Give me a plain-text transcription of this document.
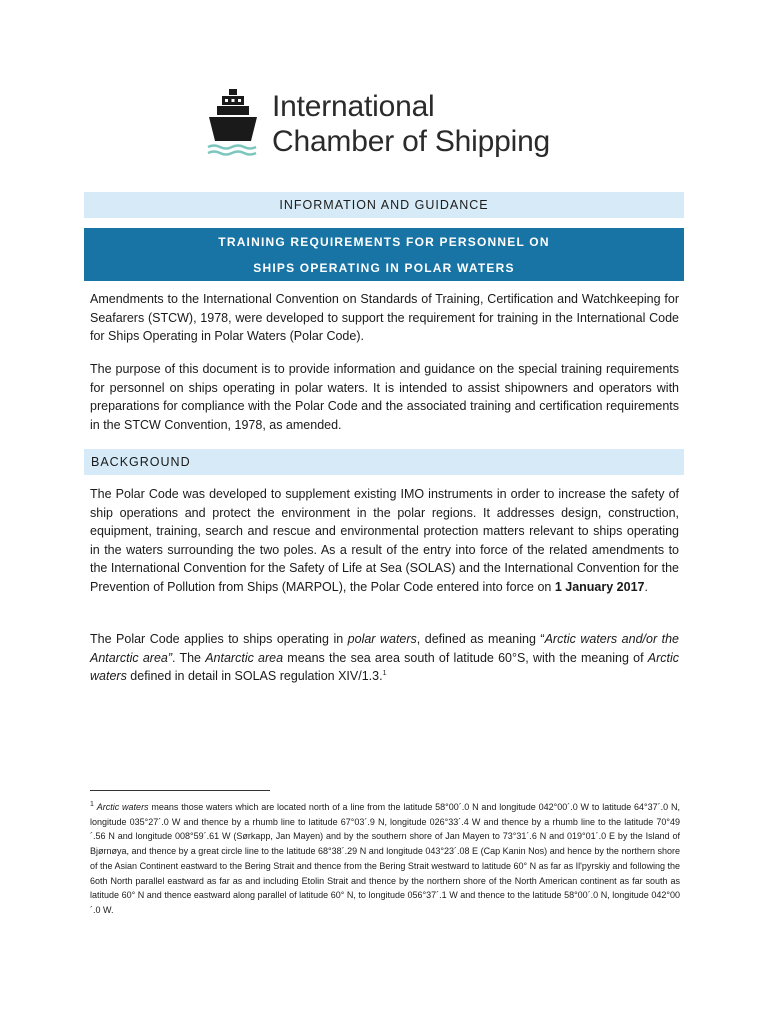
International
Chamber of Shipping
INFORMATION AND GUIDANCE
TRAINING REQUIREMENTS FOR PERSONNEL ON
SHIPS OPERATING IN POLAR WATERS
Amendments to the International Convention on Standards of Training, Certification and Watchkeeping for Seafarers (STCW), 1978, were developed to support the requirement for training in the International Code for Ships Operating in Polar Waters (Polar Code).
The purpose of this document is to provide information and guidance on the special training requirements for personnel on ships operating in polar waters. It is intended to assist shipowners and operators with preparations for compliance with the Polar Code and the associated training and certification requirements in the STCW Convention, 1978, as amended.
BACKGROUND
The Polar Code was developed to supplement existing IMO instruments in order to increase the safety of ship operations and protect the environment in the polar regions. It addresses design, construction, equipment, training, search and rescue and environmental protection matters relevant to ships operating in the waters surrounding the two poles. As a result of the entry into force of the related amendments to the International Convention for the Safety of Life at Sea (SOLAS) and the International Convention for the Prevention of Pollution from Ships (MARPOL), the Polar Code entered into force on 1 January 2017.
The Polar Code applies to ships operating in polar waters, defined as meaning “Arctic waters and/or the Antarctic area”. The Antarctic area means the sea area south of latitude 60°S, with the meaning of Arctic waters defined in detail in SOLAS regulation XIV/1.3.$^1$
$^1$ Arctic waters means those waters which are located north of a line from the latitude 58°00´.0 N and longitude 042°00´.0 W to latitude 64°37´.0 N, longitude 035°27´.0 W and thence by a rhumb line to latitude 67°03´.9 N, longitude 026°33´.4 W and thence by a rhumb line to the latitude 70°49´.56 N and longitude 008°59´.61 W (Sørkapp, Jan Mayen) and by the southern shore of Jan Mayen to 73°31´.6 N and 019°01´.0 E by the Island of Bjørnøya, and thence by a great circle line to the latitude 68°38´.29 N and longitude 043°23´.08 E (Cap Kanin Nos) and hence by the northern shore of the Asian Continent eastward to the Bering Strait and thence from the Bering Strait westward to latitude 60° N as far as Il'pyrskiy and following the 6oth North parallel eastward as far as and including Etolin Strait and thence by the northern shore of the North American continent as far south as latitude 60° N and thence eastward along parallel of latitude 60° N, to longitude 056°37´.1 W and thence to the latitude 58°00´.0 N, longitude 042°00´.0 W.
